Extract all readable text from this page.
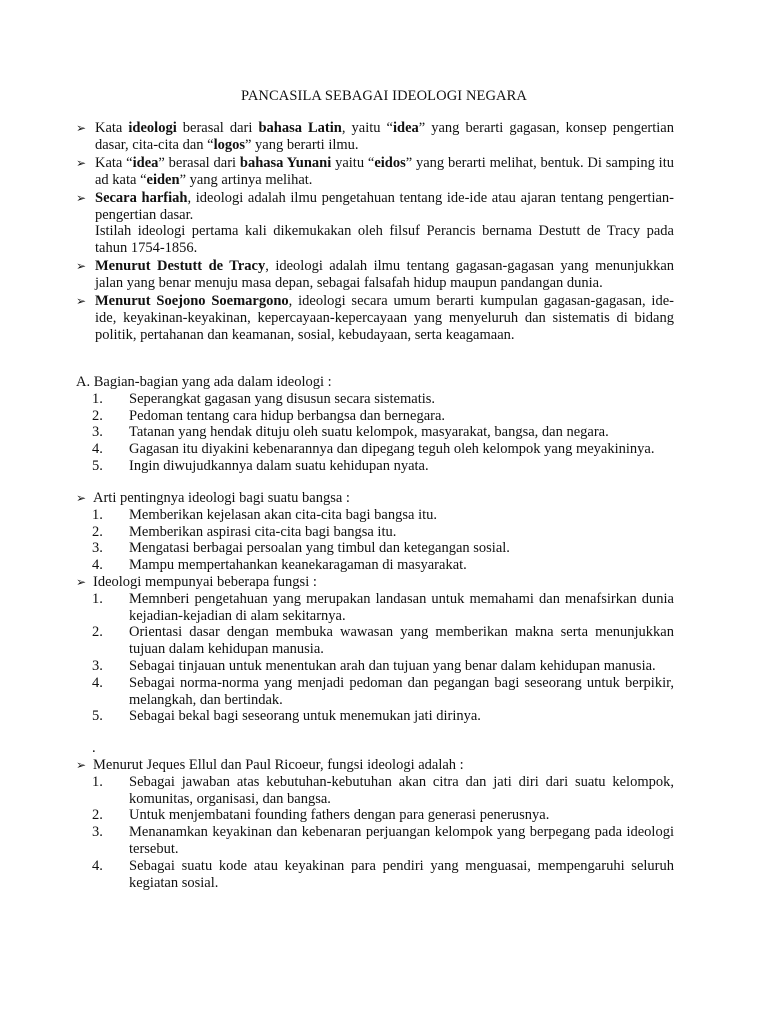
PANCASILA SEBAGAI IDEOLOGI NEGARA
➢ Kata ideologi berasal dari bahasa Latin, yaitu “idea” yang berarti gagasan, konsep pengertian dasar, cita-cita dan “logos” yang berarti ilmu.
➢ Kata “idea” berasal dari bahasa Yunani yaitu “eidos” yang berarti melihat, bentuk. Di samping itu ad kata “eiden” yang artinya melihat.
➢ Secara harfiah, ideologi adalah ilmu pengetahuan tentang ide-ide atau ajaran tentang pengertian-pengertian dasar.
Istilah ideologi pertama kali dikemukakan oleh filsuf Perancis bernama Destutt de Tracy pada tahun 1754-1856.
➢ Menurut Destutt de Tracy, ideologi adalah ilmu tentang gagasan-gagasan yang menunjukkan jalan yang benar menuju masa depan, sebagai falsafah hidup maupun pandangan dunia.
➢ Menurut Soejono Soemargono, ideologi secara umum berarti kumpulan gagasan-gagasan, ide-ide, keyakinan-keyakinan, kepercayaan-kepercayaan yang menyeluruh dan sistematis di bidang politik, pertahanan dan keamanan, sosial, kebudayaan, serta keagamaan.
A. Bagian-bagian yang ada dalam ideologi :
1. Seperangkat gagasan yang disusun secara sistematis.
2. Pedoman tentang cara hidup berbangsa dan bernegara.
3. Tatanan yang hendak dituju oleh suatu kelompok, masyarakat, bangsa, dan negara.
4. Gagasan itu diyakini kebenarannya dan dipegang teguh oleh kelompok yang meyakininya.
5. Ingin diwujudkannya dalam suatu kehidupan nyata.
➢ Arti pentingnya ideologi bagi suatu bangsa :
1. Memberikan kejelasan akan cita-cita bagi bangsa itu.
2. Memberikan aspirasi cita-cita bagi bangsa itu.
3. Mengatasi berbagai persoalan yang timbul dan ketegangan sosial.
4. Mampu mempertahankan keanekaragaman di masyarakat.
➢ Ideologi mempunyai beberapa fungsi :
1. Memnberi pengetahuan yang merupakan landasan untuk memahami dan menafsirkan dunia kejadian-kejadian di alam sekitarnya.
2. Orientasi dasar dengan membuka wawasan yang memberikan makna serta menunjukkan tujuan dalam kehidupan manusia.
3. Sebagai tinjauan untuk menentukan arah dan tujuan yang benar dalam kehidupan manusia.
4. Sebagai norma-norma yang menjadi pedoman dan pegangan bagi seseorang untuk berpikir, melangkah, dan bertindak.
5. Sebagai bekal bagi seseorang untuk menemukan jati dirinya.
.
➢ Menurut Jeques Ellul dan Paul Ricoeur, fungsi ideologi adalah :
1. Sebagai jawaban atas kebutuhan-kebutuhan akan citra dan jati diri dari suatu kelompok, komunitas, organisasi, dan bangsa.
2. Untuk menjembatani founding fathers dengan para generasi penerusnya.
3. Menanamkan keyakinan dan kebenaran perjuangan kelompok yang berpegang pada ideologi tersebut.
4. Sebagai suatu kode atau keyakinan para pendiri yang menguasai, mempengaruhi seluruh kegiatan sosial.
